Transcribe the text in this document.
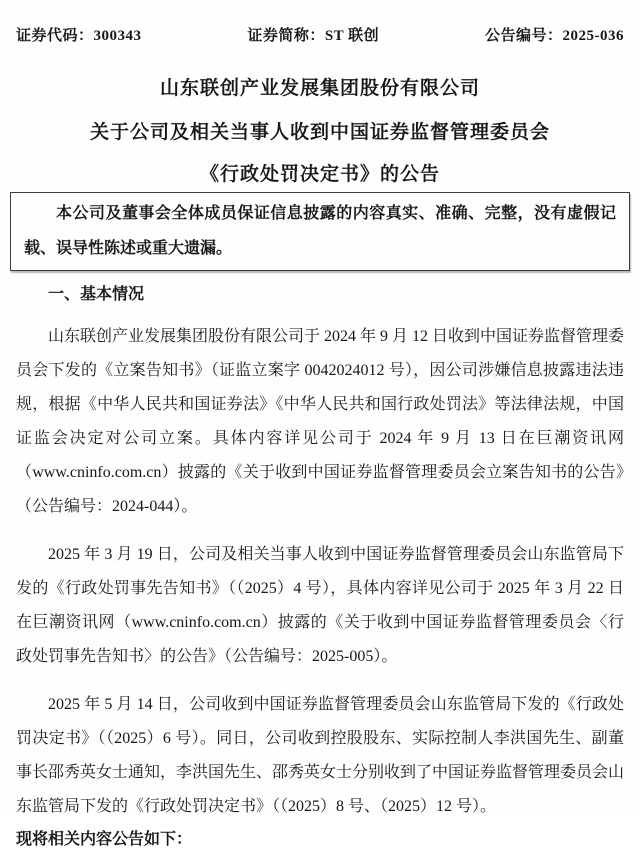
证券代码：300343	证券简称：ST 联创	公告编号：2025-036
山东联创产业发展集团股份有限公司
关于公司及相关当事人收到中国证券监督管理委员会
《行政处罚决定书》的公告
本公司及董事会全体成员保证信息披露的内容真实、准确、完整，没有虚假记载、误导性陈述或重大遗漏。
一、基本情况

山东联创产业发展集团股份有限公司于 2024 年 9 月 12 日收到中国证券监督管理委员会下发的《立案告知书》（证监立案字 0042024012 号），因公司涉嫌信息披露违法违规，根据《中华人民共和国证券法》《中华人民共和国行政处罚法》等法律法规，中国证监会决定对公司立案。具体内容详见公司于 2024 年 9 月 13 日在巨潮资讯网（www.cninfo.com.cn）披露的《关于收到中国证券监督管理委员会立案告知书的公告》（公告编号：2024-044）。

2025 年 3 月 19 日，公司及相关当事人收到中国证券监督管理委员会山东监管局下发的《行政处罚事先告知书》（（2025）4 号），具体内容详见公司于 2025 年 3 月 22 日在巨潮资讯网（www.cninfo.com.cn）披露的《关于收到中国证券监督管理委员会〈行政处罚事先告知书〉的公告》（公告编号：2025-005）。

2025 年 5 月 14 日，公司收到中国证券监督管理委员会山东监管局下发的《行政处罚决定书》（（2025）6 号）。同日，公司收到控股股东、实际控制人李洪国先生、副董事长邵秀英女士通知，李洪国先生、邵秀英女士分别收到了中国证券监督管理委员会山东监管局下发的《行政处罚决定书》（（2025）8 号、（2025）12 号）。

现将相关内容公告如下：
